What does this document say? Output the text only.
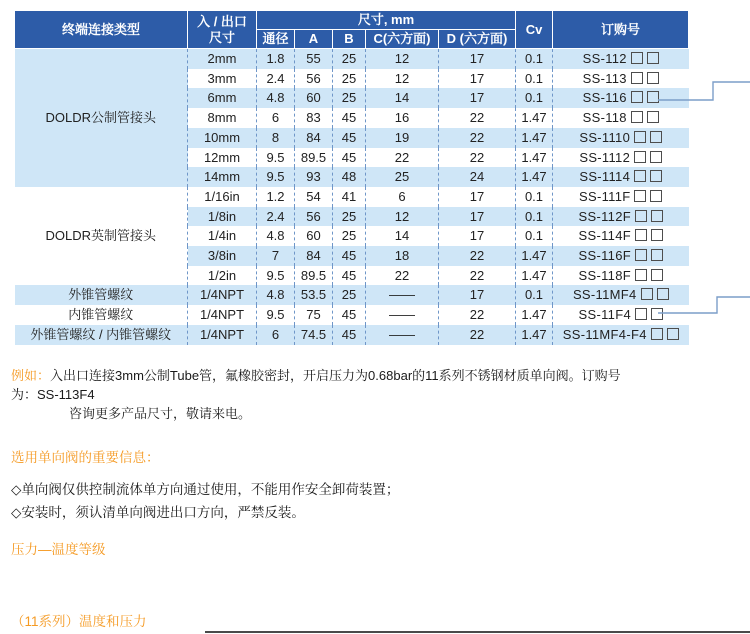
终端连接类型	入 / 出口
尺寸	尺寸, mm					Cv	订购号
		通径	A	B	C(六方面)	D (六方面)		
DOLDR公制管接头	2mm	1.8	55	25	12	17	0.1	SS-112
	3mm	2.4	56	25	12	17	0.1	SS-113
	6mm	4.8	60	25	14	17	0.1	SS-116
	8mm	6	83	45	16	22	1.47	SS-118
	10mm	8	84	45	19	22	1.47	SS-1110
	12mm	9.5	89.5	45	22	22	1.47	SS-1112
	14mm	9.5	93	48	25	24	1.47	SS-1114
DOLDR英制管接头	1/16in	1.2	54	41	6	17	0.1	SS-111F
	1/8in	2.4	56	25	12	17	0.1	SS-112F
	1/4in	4.8	60	25	14	17	0.1	SS-114F
	3/8in	7	84	45	18	22	1.47	SS-116F
	1/2in	9.5	89.5	45	22	22	1.47	SS-118F
外锥管螺纹	1/4NPT	4.8	53.5	25	——	17	0.1	SS-11MF4
内锥管螺纹	1/4NPT	9.5	75	45	——	22	1.47	SS-11F4
外锥管螺纹 / 内锥管螺纹	1/4NPT	6	74.5	45	——	22	1.47	SS-11MF4-F4
例如：入出口连接3mm公制Tube管，氟橡胶密封，开启压力为0.68bar的11系列不锈钢材质单向阀。订购号为：SS-113F4
咨询更多产品尺寸，敬请来电。
选用单向阀的重要信息：
◇单向阀仅供控制流体单方向通过使用，不能用作安全卸荷装置；
◇安装时，须认清单向阀进出口方向，严禁反装。
压力—温度等级
（11系列）温度和压力
